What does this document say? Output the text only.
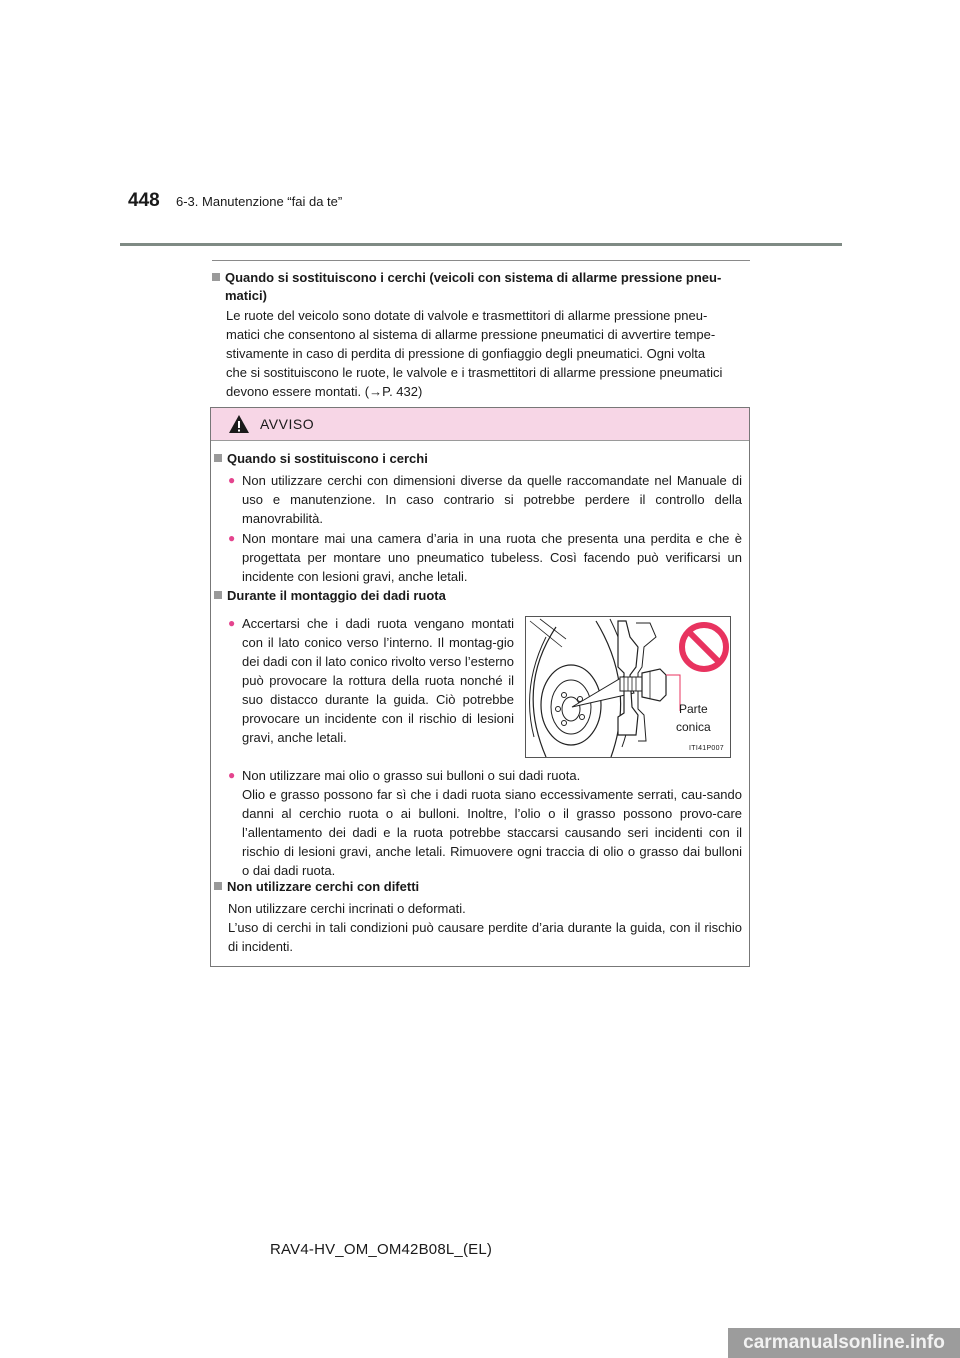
448 6-3. Manutenzione “fai da te”
Quando si sostituiscono i cerchi (veicoli con sistema di allarme pressione pneu-
matici)
Le ruote del veicolo sono dotate di valvole e trasmettitori di allarme pressione pneu-
matici che consentono al sistema di allarme pressione pneumatici di avvertire tempe-
stivamente in caso di perdita di pressione di gonfiaggio degli pneumatici. Ogni volta
che si sostituiscono le ruote, le valvole e i trasmettitori di allarme pressione pneumatici
devono essere montati. (→P. 432)
AVVISO
Quando si sostituiscono i cerchi
● Non utilizzare cerchi con dimensioni diverse da quelle raccomandate nel Manuale di uso e manutenzione. In caso contrario si potrebbe perdere il controllo della manovrabilità.

● Non montare mai una camera d’aria in una ruota che presenta una perdita e che è progettata per montare uno pneumatico tubeless. Così facendo può verificarsi un incidente con lesioni gravi, anche letali.

Durante il montaggio dei dadi ruota
● Accertarsi che i dadi ruota vengano montati con il lato conico verso l’interno. Il montag-gio dei dadi con il lato conico rivolto verso l’esterno può provocare la rottura della ruota nonché il suo distacco durante la guida. Ciò potrebbe provocare un incidente con il rischio di lesioni gravi, anche letali.

Parte
conica
ITI41P007
● Non utilizzare mai olio o grasso sui bulloni o sui dadi ruota.

Olio e grasso possono far sì che i dadi ruota siano eccessivamente serrati, cau-sando danni al cerchio ruota o ai bulloni. Inoltre, l’olio o il grasso possono provo-care l’allentamento dei dadi e la ruota potrebbe staccarsi causando seri incidenti con il rischio di lesioni gravi, anche letali. Rimuovere ogni traccia di olio o grasso dai bulloni o dai dadi ruota.

Non utilizzare cerchi con difetti
Non utilizzare cerchi incrinati o deformati.
L’uso di cerchi in tali condizioni può causare perdite d’aria durante la guida, con il rischio di incidenti.
RAV4-HV_OM_OM42B08L_(EL)
carmanualsonline.info
